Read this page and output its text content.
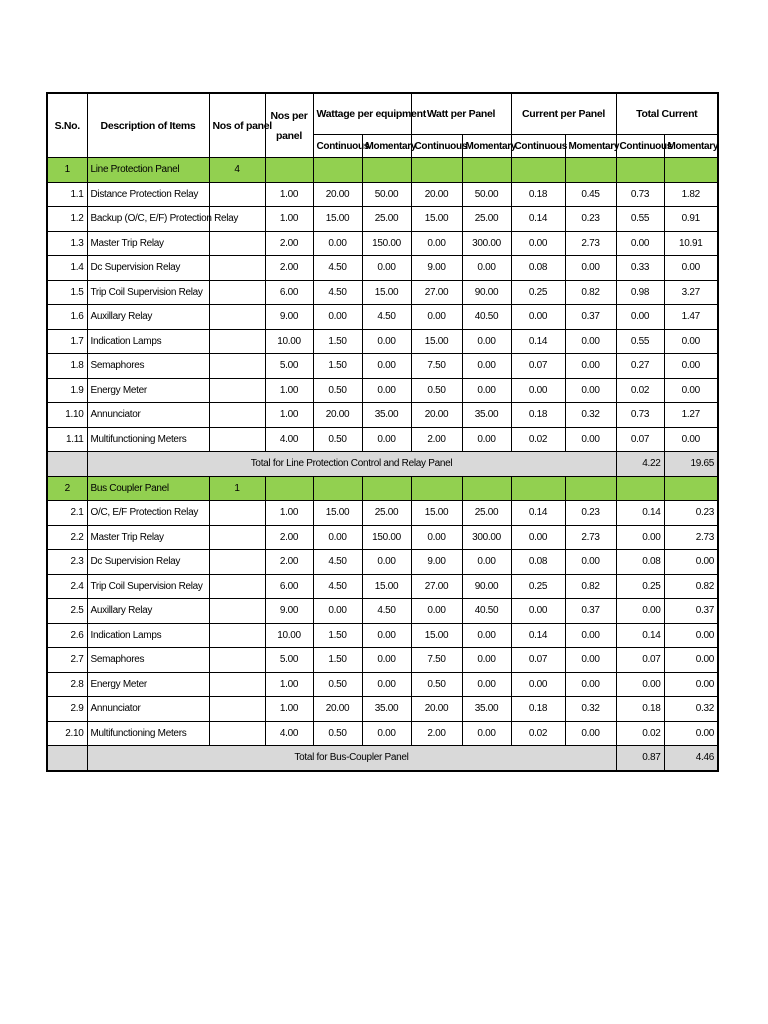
S.No.	Description of Items	Nos of panel	Nos per panel	Wattage per equipment		Watt per Panel		Current per Panel		Total Current	
				Continuous	Momentary	Continuous	Momentary	Continuous	Momentary	Continuous	Momentary
1	Line Protection Panel	4									
1.1	Distance Protection Relay		1.00	20.00	50.00	20.00	50.00	0.18	0.45	0.73	1.82
1.2	Backup (O/C, E/F) Protection Relay		1.00	15.00	25.00	15.00	25.00	0.14	0.23	0.55	0.91
1.3	Master Trip Relay		2.00	0.00	150.00	0.00	300.00	0.00	2.73	0.00	10.91
1.4	Dc Supervision Relay		2.00	4.50	0.00	9.00	0.00	0.08	0.00	0.33	0.00
1.5	Trip Coil Supervision Relay		6.00	4.50	15.00	27.00	90.00	0.25	0.82	0.98	3.27
1.6	Auxillary Relay		9.00	0.00	4.50	0.00	40.50	0.00	0.37	0.00	1.47
1.7	Indication Lamps		10.00	1.50	0.00	15.00	0.00	0.14	0.00	0.55	0.00
1.8	Semaphores		5.00	1.50	0.00	7.50	0.00	0.07	0.00	0.27	0.00
1.9	Energy Meter		1.00	0.50	0.00	0.50	0.00	0.00	0.00	0.02	0.00
1.10	Annunciator		1.00	20.00	35.00	20.00	35.00	0.18	0.32	0.73	1.27
1.11	Multifunctioning Meters		4.00	0.50	0.00	2.00	0.00	0.02	0.00	0.07	0.00
	Total for Line Protection Control and Relay Panel									4.22	19.65
2	Bus Coupler Panel	1									
2.1	O/C, E/F Protection Relay		1.00	15.00	25.00	15.00	25.00	0.14	0.23	0.14	0.23
2.2	Master Trip Relay		2.00	0.00	150.00	0.00	300.00	0.00	2.73	0.00	2.73
2.3	Dc Supervision Relay		2.00	4.50	0.00	9.00	0.00	0.08	0.00	0.08	0.00
2.4	Trip Coil Supervision Relay		6.00	4.50	15.00	27.00	90.00	0.25	0.82	0.25	0.82
2.5	Auxillary Relay		9.00	0.00	4.50	0.00	40.50	0.00	0.37	0.00	0.37
2.6	Indication Lamps		10.00	1.50	0.00	15.00	0.00	0.14	0.00	0.14	0.00
2.7	Semaphores		5.00	1.50	0.00	7.50	0.00	0.07	0.00	0.07	0.00
2.8	Energy Meter		1.00	0.50	0.00	0.50	0.00	0.00	0.00	0.00	0.00
2.9	Annunciator		1.00	20.00	35.00	20.00	35.00	0.18	0.32	0.18	0.32
2.10	Multifunctioning Meters		4.00	0.50	0.00	2.00	0.00	0.02	0.00	0.02	0.00
	Total for Bus-Coupler Panel									0.87	4.46
